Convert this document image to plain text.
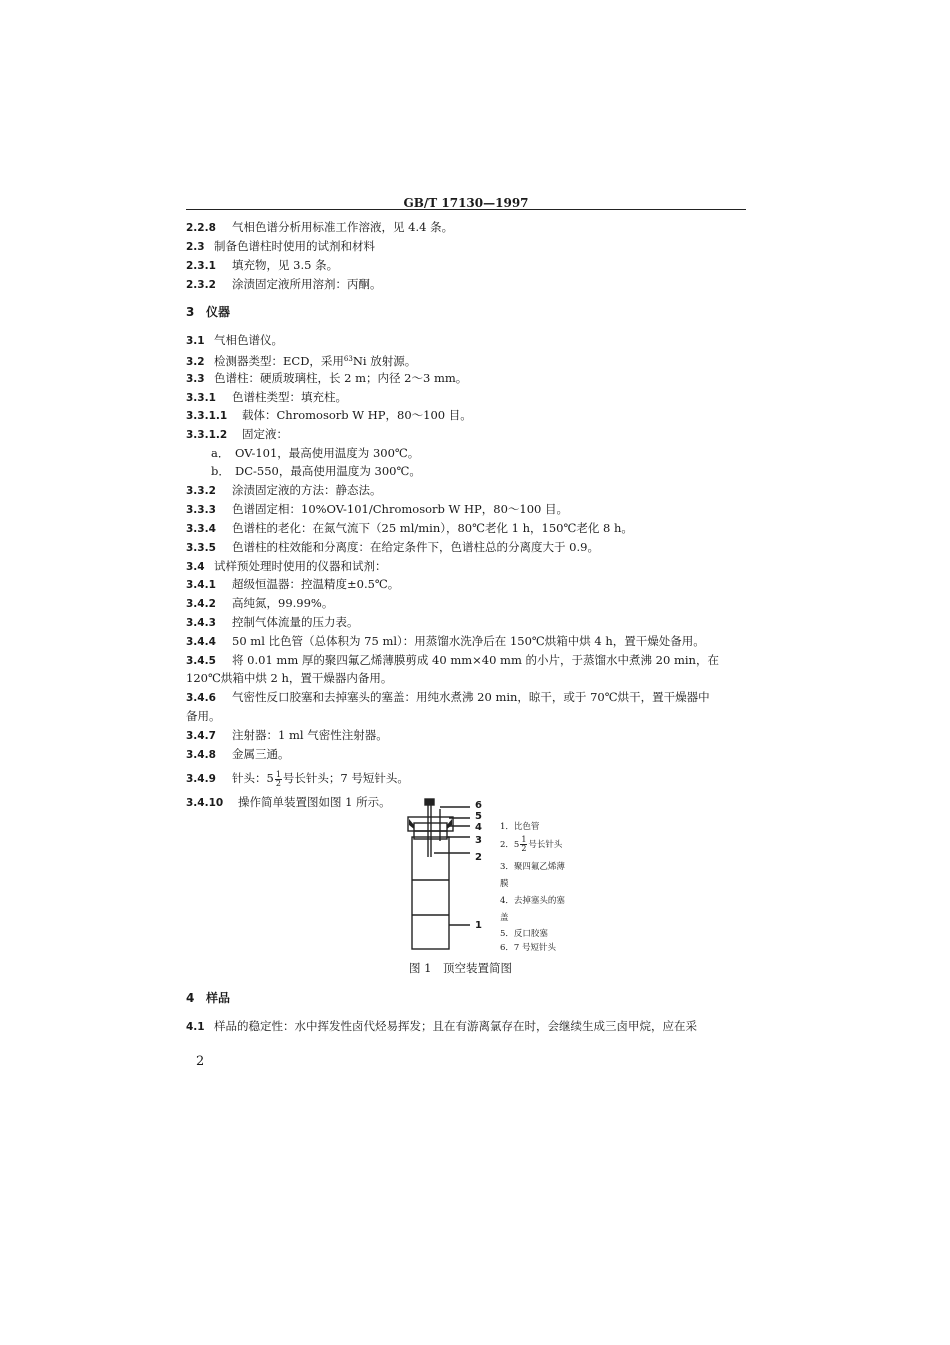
GB/T 17130—1997
2.2.8 气相色谱分析用标准工作溶液，见 4.4 条。
2.3 制备色谱柱时使用的试剂和材料
2.3.1 填充物，见 3.5 条。
2.3.2 涂渍固定液所用溶剂：丙酮。
3 仪器
3.1 气相色谱仪。
3.2 检测器类型：ECD，采用$^{63}$Ni 放射源。
3.3 色谱柱：硬质玻璃柱，长 2 m；内径 2～3 mm。
3.3.1 色谱柱类型：填充柱。
3.3.1.1 载体：Chromosorb W HP，80～100 目。
3.3.1.2 固定液：
a． OV-101，最高使用温度为 300℃。
b． DC-550，最高使用温度为 300℃。
3.3.2 涂渍固定液的方法：静态法。
3.3.3 色谱固定相：10%OV-101/Chromosorb W HP，80～100 目。
3.3.4 色谱柱的老化：在氮气流下（25 ml/min），80℃老化 1 h，150℃老化 8 h。
3.3.5 色谱柱的柱效能和分离度：在给定条件下，色谱柱总的分离度大于 0.9。
3.4 试样预处理时使用的仪器和试剂：
3.4.1 超级恒温器：控温精度±0.5℃。
3.4.2 高纯氮，99.99%。
3.4.3 控制气体流量的压力表。
3.4.4 50 ml 比色管（总体积为 75 ml）：用蒸馏水洗净后在 150℃烘箱中烘 4 h，置干燥处备用。
3.4.5 将 0.01 mm 厚的聚四氟乙烯薄膜剪成 40 mm×40 mm 的小片，于蒸馏水中煮沸 20 min，在
120℃烘箱中烘 2 h，置干燥器内备用。
3.4.6 气密性反口胶塞和去掉塞头的塞盖：用纯水煮沸 20 min，晾干，或于 70℃烘干，置干燥器中
备用。
3.4.7 注射器：1 ml 气密性注射器。
3.4.8 金属三通。
3.4.9 针头：$5 \frac{1}{2}$ 号长针头；7 号短针头。
3.4.10 操作简单装置图如图 1 所示。	6
5
4
3
2
1
1．比色管
2．$5 \frac{1}{2}$ 号长针头
3．聚四氟乙烯薄
膜
4．去掉塞头的塞
盖
5．反口胶塞
6．7 号短针头
图 1　顶空装置简图
4 样品
4.1 样品的稳定性：水中挥发性卤代烃易挥发；且在有游离氯存在时，会继续生成三卤甲烷，应在采
2
